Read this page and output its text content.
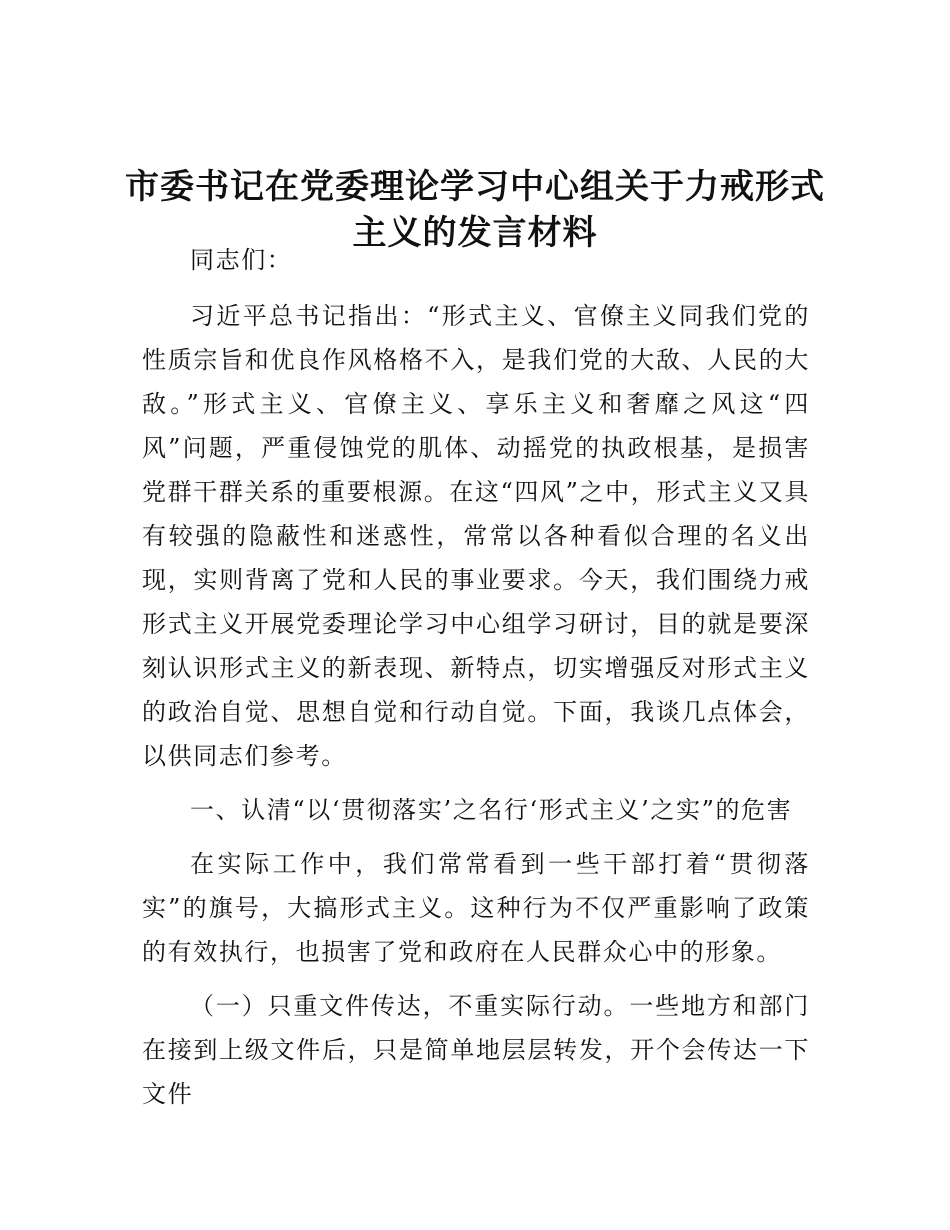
市委书记在党委理论学习中心组关于力戒形式
主义的发言材料

同志们：

习近平总书记指出：“形式主义、官僚主义同我们党的性质宗旨和优良作风格格不入，是我们党的大敌、人民的大敌。”形式主义、官僚主义、享乐主义和奢靡之风这“四风”问题，严重侵蚀党的肌体、动摇党的执政根基，是损害党群干群关系的重要根源。在这“四风”之中，形式主义又具有较强的隐蔽性和迷惑性，常常以各种看似合理的名义出现，实则背离了党和人民的事业要求。今天，我们围绕力戒形式主义开展党委理论学习中心组学习研讨，目的就是要深刻认识形式主义的新表现、新特点，切实增强反对形式主义的政治自觉、思想自觉和行动自觉。下面，我谈几点体会，以供同志们参考。

一、认清“以‘贯彻落实’之名行‘形式主义’之实”的危害

在实际工作中，我们常常看到一些干部打着“贯彻落实”的旗号，大搞形式主义。这种行为不仅严重影响了政策的有效执行，也损害了党和政府在人民群众心中的形象。

（一）只重文件传达，不重实际行动。一些地方和部门在接到上级文件后，只是简单地层层转发，开个会传达一下文件
